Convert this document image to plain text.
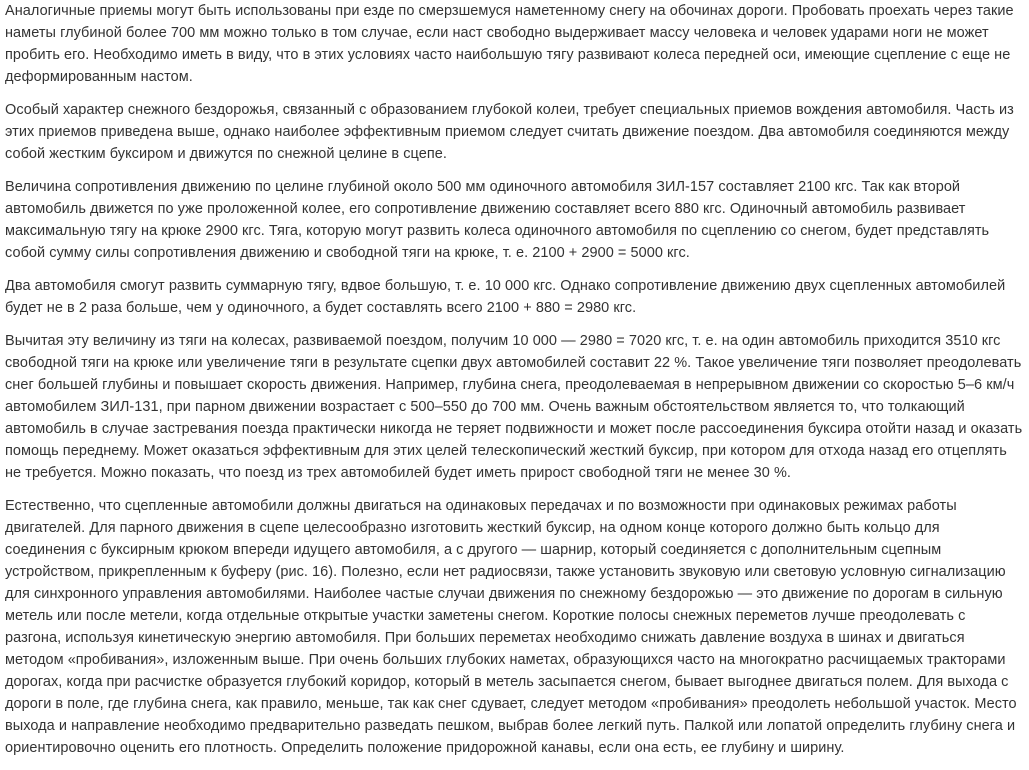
Аналогичные приемы могут быть использованы при езде по смерзшемуся наметенному снегу на обочинах дороги. Пробовать проехать через такие наметы глубиной более 700 мм можно только в том случае, если наст свободно выдерживает массу человека и человек ударами ноги не может пробить его. Необходимо иметь в виду, что в этих условиях часто наибольшую тягу развивают колеса передней оси, имеющие сцепление с еще не деформированным настом.

Особый характер снежного бездорожья, связанный с образованием глубокой колеи, требует специальных приемов вождения автомобиля. Часть из этих приемов приведена выше, однако наиболее эффективным приемом следует считать движение поездом. Два автомобиля соединяются между собой жестким буксиром и движутся по снежной целине в сцепе.

Величина сопротивления движению по целине глубиной около 500 мм одиночного автомобиля ЗИЛ-157 составляет 2100 кгс. Так как второй автомобиль движется по уже проложенной колее, его сопротивление движению составляет всего 880 кгс. Одиночный автомобиль развивает максимальную тягу на крюке 2900 кгс. Тяга, которую могут развить колеса одиночного автомобиля по сцеплению со снегом, будет представлять собой сумму силы сопротивления движению и свободной тяги на крюке, т. е. 2100 + 2900 = 5000 кгс.

Два автомобиля смогут развить суммарную тягу, вдвое большую, т. е. 10 000 кгс. Однако сопротивление движению двух сцепленных автомобилей будет не в 2 раза больше, чем у одиночного, а будет составлять всего 2100 + 880 = 2980 кгс.

Вычитая эту величину из тяги на колесах, развиваемой поездом, получим 10 000 — 2980 = 7020 кгс, т. е. на один автомобиль приходится 3510 кгс свободной тяги на крюке или увеличение тяги в результате сцепки двух автомобилей составит 22 %. Такое увеличение тяги позволяет преодолевать снег большей глубины и повышает скорость движения. Например, глубина снега, преодолеваемая в непрерывном движении со скоростью 5–6 км/ч автомобилем ЗИЛ-131, при парном движении возрастает с 500–550 до 700 мм. Очень важным обстоятельством является то, что толкающий автомобиль в случае застревания поезда практически никогда не теряет подвижности и может после рассоединения буксира отойти назад и оказать помощь переднему. Может оказаться эффективным для этих целей телескопический жесткий буксир, при котором для отхода назад его отцеплять не требуется. Можно показать, что поезд из трех автомобилей будет иметь прирост свободной тяги не менее 30 %.

Естественно, что сцепленные автомобили должны двигаться на одинаковых передачах и по возможности при одинаковых режимах работы двигателей. Для парного движения в сцепе целесообразно изготовить жесткий буксир, на одном конце которого должно быть кольцо для соединения с буксирным крюком впереди идущего автомобиля, а с другого — шарнир, который соединяется с дополнительным сцепным устройством, прикрепленным к буферу (рис. 16). Полезно, если нет радиосвязи, также установить звуковую или световую условную сигнализацию для синхронного управления автомобилями. Наиболее частые случаи движения по снежному бездорожью — это движение по дорогам в сильную метель или после метели, когда отдельные открытые участки заметены снегом. Короткие полосы снежных переметов лучше преодолевать с разгона, используя кинетическую энергию автомобиля. При больших переметах необходимо снижать давление воздуха в шинах и двигаться методом «пробивания», изложенным выше. При очень больших глубоких наметах, образующихся часто на многократно расчищаемых тракторами дорогах, когда при расчистке образуется глубокий коридор, который в метель засыпается снегом, бывает выгоднее двигаться полем. Для выхода с дороги в поле, где глубина снега, как правило, меньше, так как снег сдувает, следует методом «пробивания» преодолеть небольшой участок. Место выхода и направление необходимо предварительно разведать пешком, выбрав более легкий путь. Палкой или лопатой определить глубину снега и ориентировочно оценить его плотность. Определить положение придорожной канавы, если она есть, ее глубину и ширину.
